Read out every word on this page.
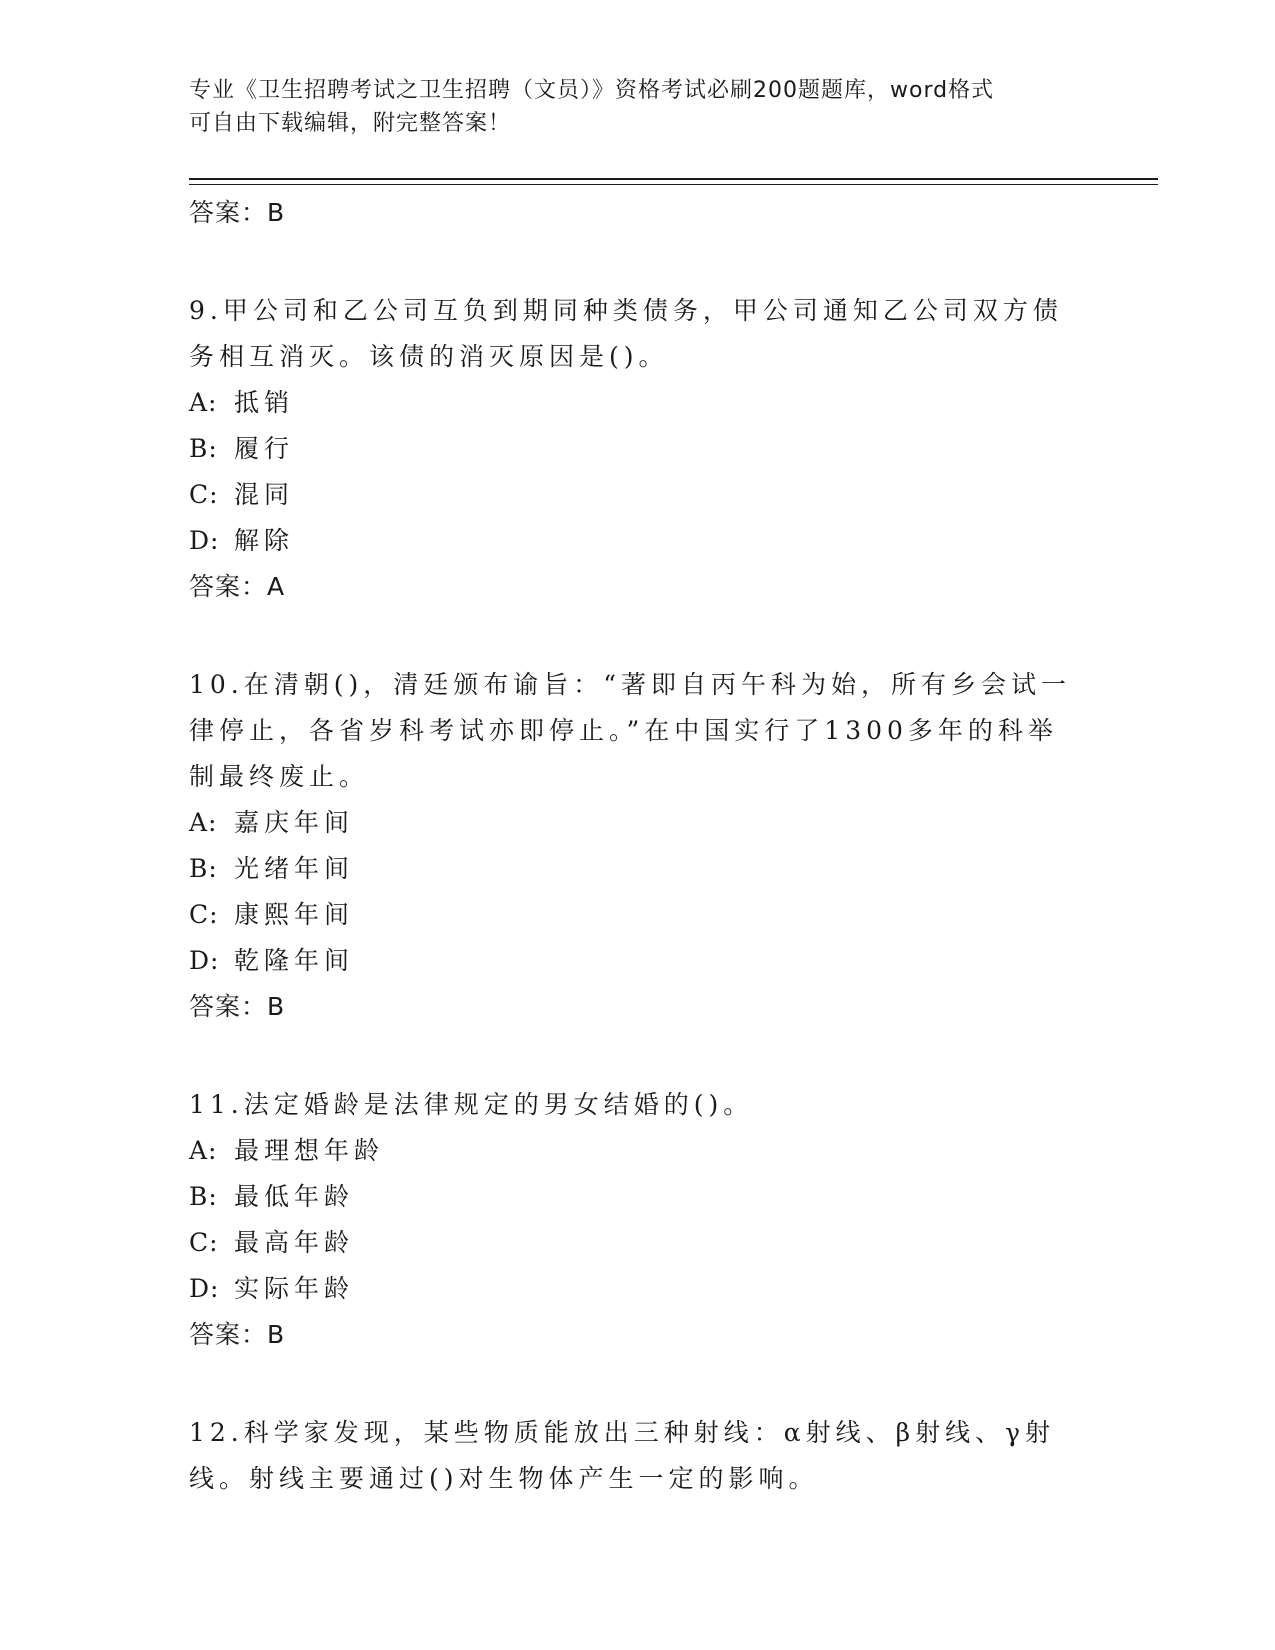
专业《卫生招聘考试之卫生招聘（文员）》资格考试必刷200题题库，word格式
可自由下载编辑，附完整答案！
答案：B
9.甲公司和乙公司互负到期同种类债务，甲公司通知乙公司双方债务相互消灭。该债的消灭原因是()。
A: 抵销
B: 履行
C: 混同
D: 解除
答案：A
10.在清朝()，清廷颁布谕旨：“著即自丙午科为始，所有乡会试一律停止，各省岁科考试亦即停止。”在中国实行了1300多年的科举制最终废止。
A: 嘉庆年间
B: 光绪年间
C: 康熙年间
D: 乾隆年间
答案：B
11.法定婚龄是法律规定的男女结婚的()。
A: 最理想年龄
B: 最低年龄
C: 最高年龄
D: 实际年龄
答案：B
12.科学家发现，某些物质能放出三种射线：α射线、β射线、γ射线。射线主要通过()对生物体产生一定的影响。
